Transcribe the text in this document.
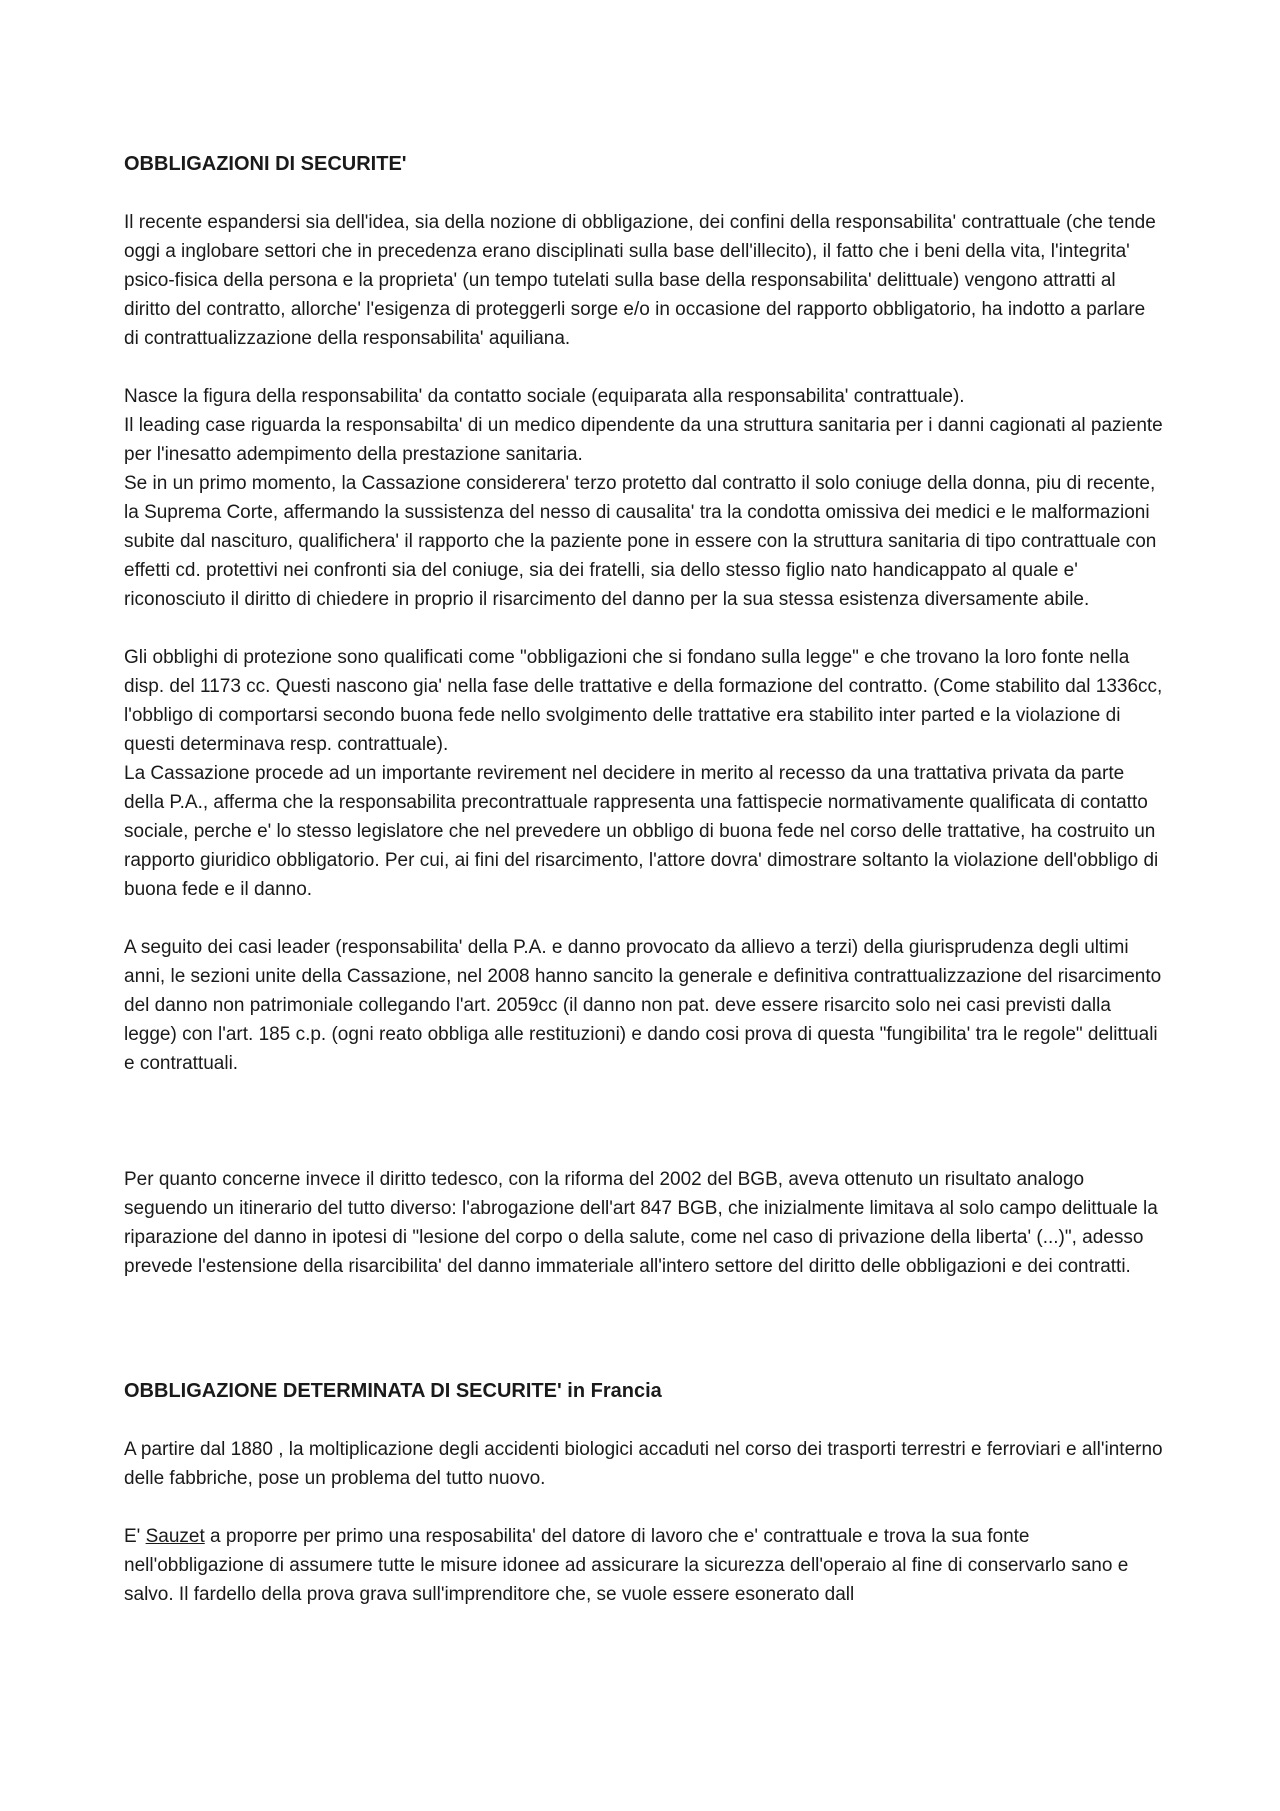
OBBLIGAZIONI DI SECURITE'

Il recente espandersi sia dell'idea, sia della nozione di obbligazione, dei confini della responsabilita' contrattuale (che tende oggi a inglobare settori che in precedenza erano disciplinati sulla base dell'illecito), il fatto che i beni della vita, l'integrita' psico-fisica della persona e la proprieta' (un tempo tutelati sulla base della responsabilita' delittuale) vengono attratti al diritto del contratto, allorche' l'esigenza di proteggerli sorge e/o in occasione del rapporto obbligatorio, ha indotto a parlare di contrattualizzazione della responsabilita' aquiliana.

Nasce la figura della responsabilita' da contatto sociale (equiparata alla responsabilita' contrattuale).

Il leading case riguarda la responsabilta' di un medico dipendente da una struttura sanitaria per i danni cagionati al paziente per l'inesatto adempimento della prestazione sanitaria.

Se in un primo momento, la Cassazione considerera' terzo protetto dal contratto il solo coniuge della donna, piu di recente, la Suprema Corte, affermando la sussistenza del nesso di causalita' tra la condotta omissiva dei medici e le malformazioni subite dal nascituro, qualifichera' il rapporto che la paziente pone in essere con la struttura sanitaria di tipo contrattuale con effetti cd. protettivi nei confronti sia del coniuge, sia dei fratelli, sia dello stesso figlio nato handicappato al quale e' riconosciuto il diritto di chiedere in proprio il risarcimento del danno per la sua stessa esistenza diversamente abile.

Gli obblighi di protezione sono qualificati come "obbligazioni che si fondano sulla legge" e che trovano la loro fonte nella disp. del 1173 cc. Questi nascono gia' nella fase delle trattative e della formazione del contratto. (Come stabilito dal 1336cc, l'obbligo di comportarsi secondo buona fede nello svolgimento delle trattative era stabilito inter parted e la violazione di questi determinava resp. contrattuale).

La Cassazione procede ad un importante revirement nel decidere in merito al recesso da una trattativa privata da parte della P.A., afferma che la responsabilita precontrattuale rappresenta una fattispecie normativamente qualificata di contatto sociale, perche e' lo stesso legislatore che nel prevedere un obbligo di buona fede nel corso delle trattative, ha costruito un rapporto giuridico obbligatorio. Per cui, ai fini del risarcimento, l'attore dovra' dimostrare soltanto la violazione dell'obbligo di buona fede e il danno.

A seguito dei casi leader (responsabilita' della P.A. e danno provocato da allievo a terzi) della giurisprudenza degli ultimi anni, le sezioni unite della Cassazione, nel 2008 hanno sancito la generale e definitiva contrattualizzazione del risarcimento del danno non patrimoniale collegando l'art. 2059cc (il danno non pat. deve essere risarcito solo nei casi previsti dalla legge) con l'art. 185 c.p. (ogni reato obbliga alle restituzioni) e dando cosi prova di questa "fungibilita' tra le regole" delittuali e contrattuali.

Per quanto concerne invece il diritto tedesco, con la riforma del 2002 del BGB, aveva ottenuto un risultato analogo seguendo un itinerario del tutto diverso: l'abrogazione dell'art 847 BGB, che inizialmente limitava al solo campo delittuale la riparazione del danno in ipotesi di "lesione del corpo o della salute, come nel caso di privazione della liberta' (...)", adesso prevede l'estensione della risarcibilita' del danno immateriale all'intero settore del diritto delle obbligazioni e dei contratti.

OBBLIGAZIONE DETERMINATA DI SECURITE' in Francia

A partire dal 1880 , la moltiplicazione degli accidenti biologici accaduti nel corso dei trasporti terrestri e ferroviari e all'interno delle fabbriche, pose un problema del tutto nuovo.

E' Sauzet a proporre per primo una resposabilita' del datore di lavoro che e' contrattuale e trova la sua fonte nell'obbligazione di assumere tutte le misure idonee ad assicurare la sicurezza dell'operaio al fine di conservarlo sano e salvo. Il fardello della prova grava sull'imprenditore che, se vuole essere esonerato dall
